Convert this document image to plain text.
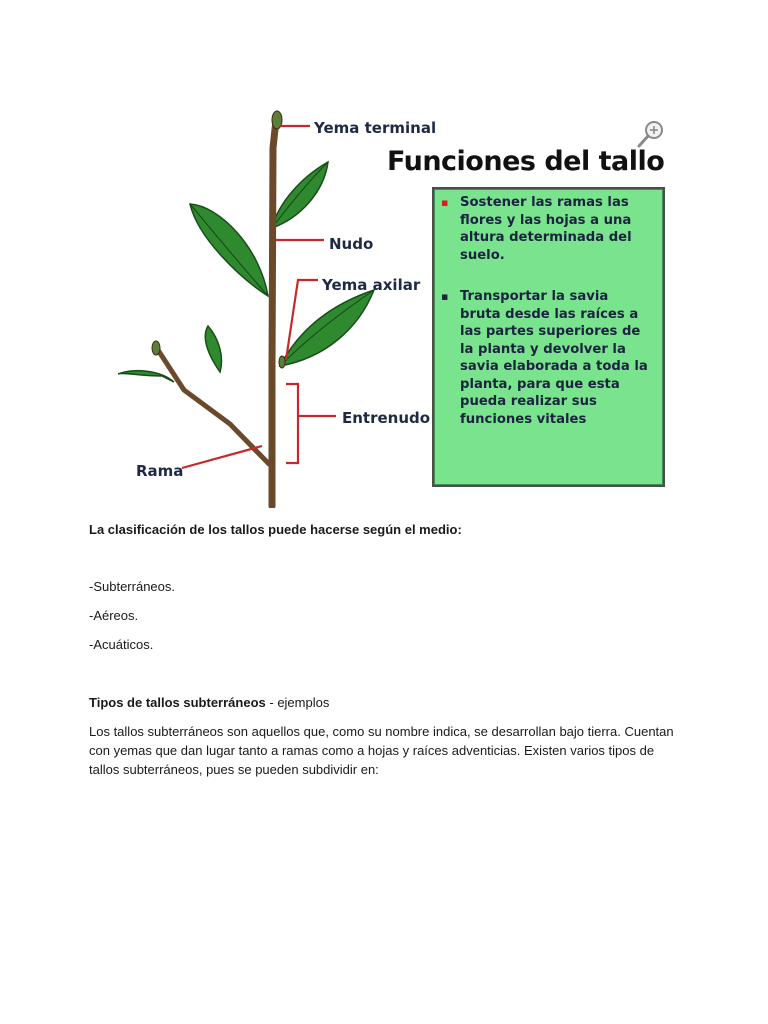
Yema terminal
Nudo
Yema axilar
Entrenudo
Rama
Funciones del tallo
▪ Sostener las ramas las flores y las hojas a una altura determinada del suelo.
▪ Transportar la savia bruta desde las raíces a las partes superiores de la planta y devolver la savia elaborada a toda la planta, para que esta pueda realizar sus funciones vitales
La clasificación de los tallos puede hacerse según el medio:
-Subterráneos.
-Aéreos.
-Acuáticos.
Tipos de tallos subterráneos - ejemplos
Los tallos subterráneos son aquellos que, como su nombre indica, se desarrollan bajo tierra. Cuentan con yemas que dan lugar tanto a ramas como a hojas y raíces adventicias. Existen varios tipos de tallos subterráneos, pues se pueden subdividir en:
